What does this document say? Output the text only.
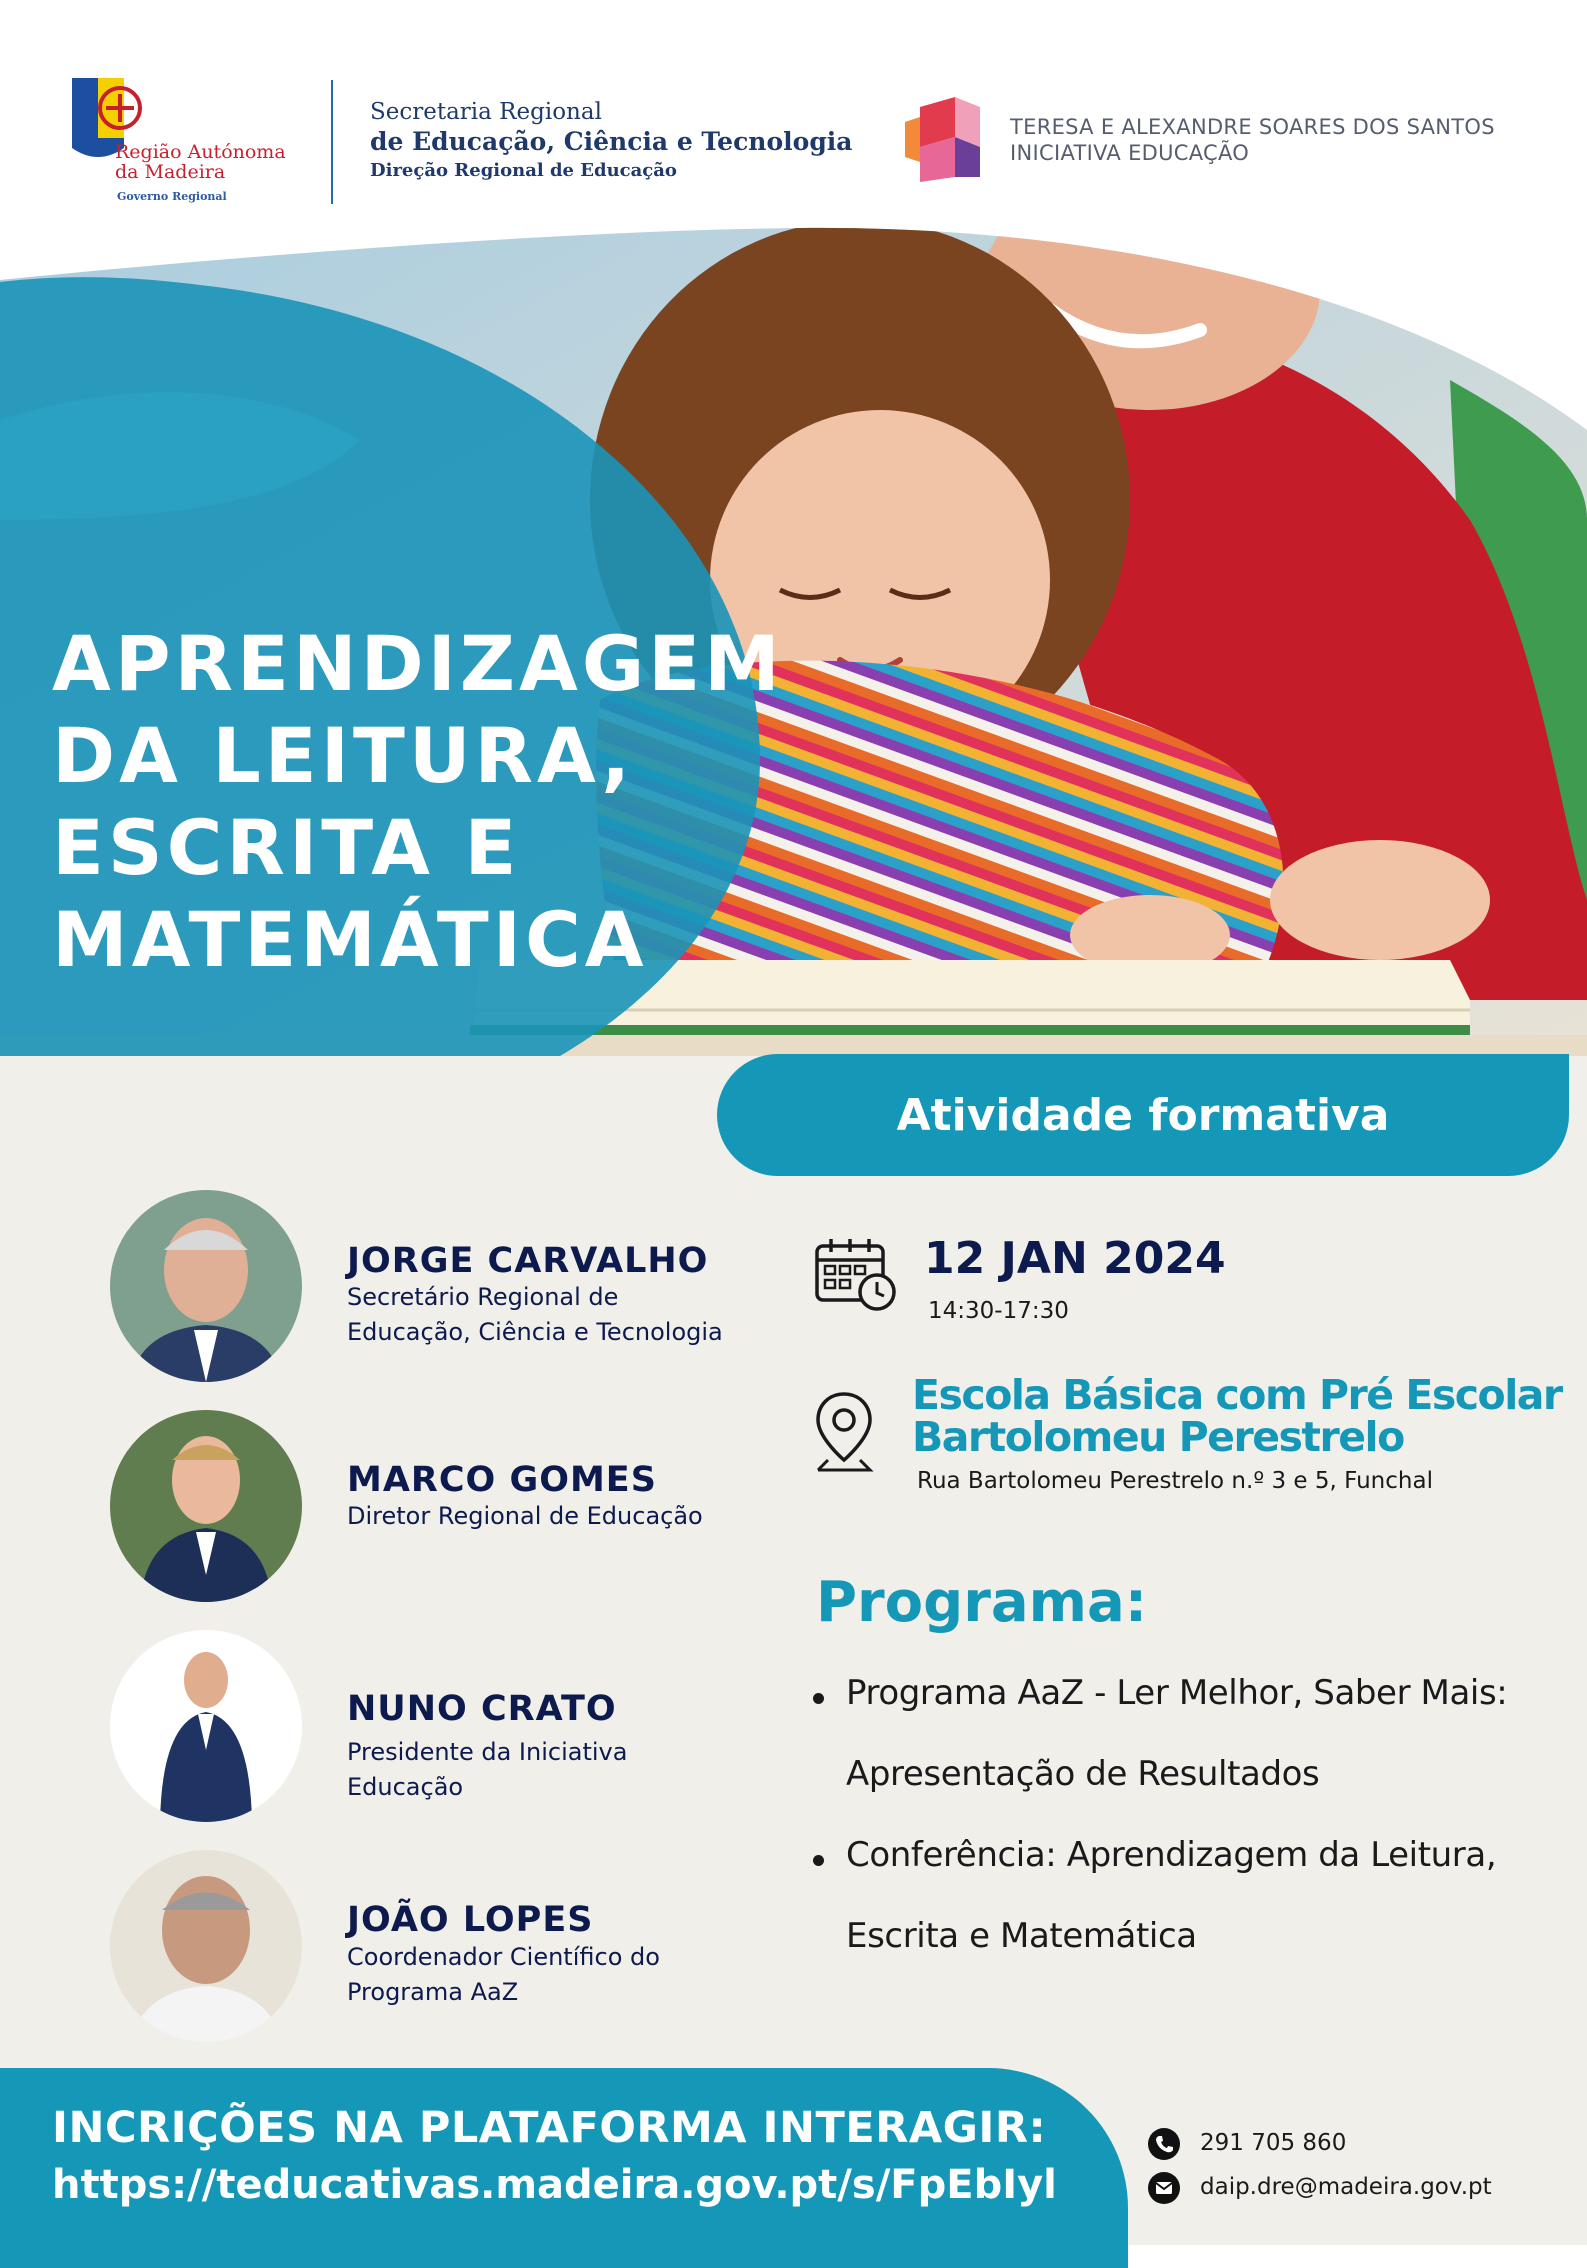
Região Autónoma
da Madeira
Governo Regional
Secretaria Regional
de Educação, Ciência e Tecnologia
Direção Regional de Educação
TERESA E ALEXANDRE SOARES DOS SANTOS
INICIATIVA EDUCAÇÃO
APRENDIZAGEM
DA LEITURA,
ESCRITA E
MATEMÁTICA
Atividade formativa
JORGE CARVALHO
Secretário Regional de
Educação, Ciência e Tecnologia
MARCO GOMES
Diretor Regional de Educação
NUNO CRATO
Presidente da Iniciativa
Educação
JOÃO LOPES
Coordenador Científico do
Programa AaZ
12 JAN 2024
14:30-17:30
Escola Básica com Pré Escolar
Bartolomeu Perestrelo
Rua Bartolomeu Perestrelo n.º 3 e 5, Funchal
Programa:
Programa AaZ - Ler Melhor, Saber Mais:
Apresentação de Resultados
Conferência: Aprendizagem da Leitura,
Escrita e Matemática
INCRIÇÕES NA PLATAFORMA INTERAGIR:
https://teducativas.madeira.gov.pt/s/FpEbIyl
291 705 860
daip.dre@madeira.gov.pt
